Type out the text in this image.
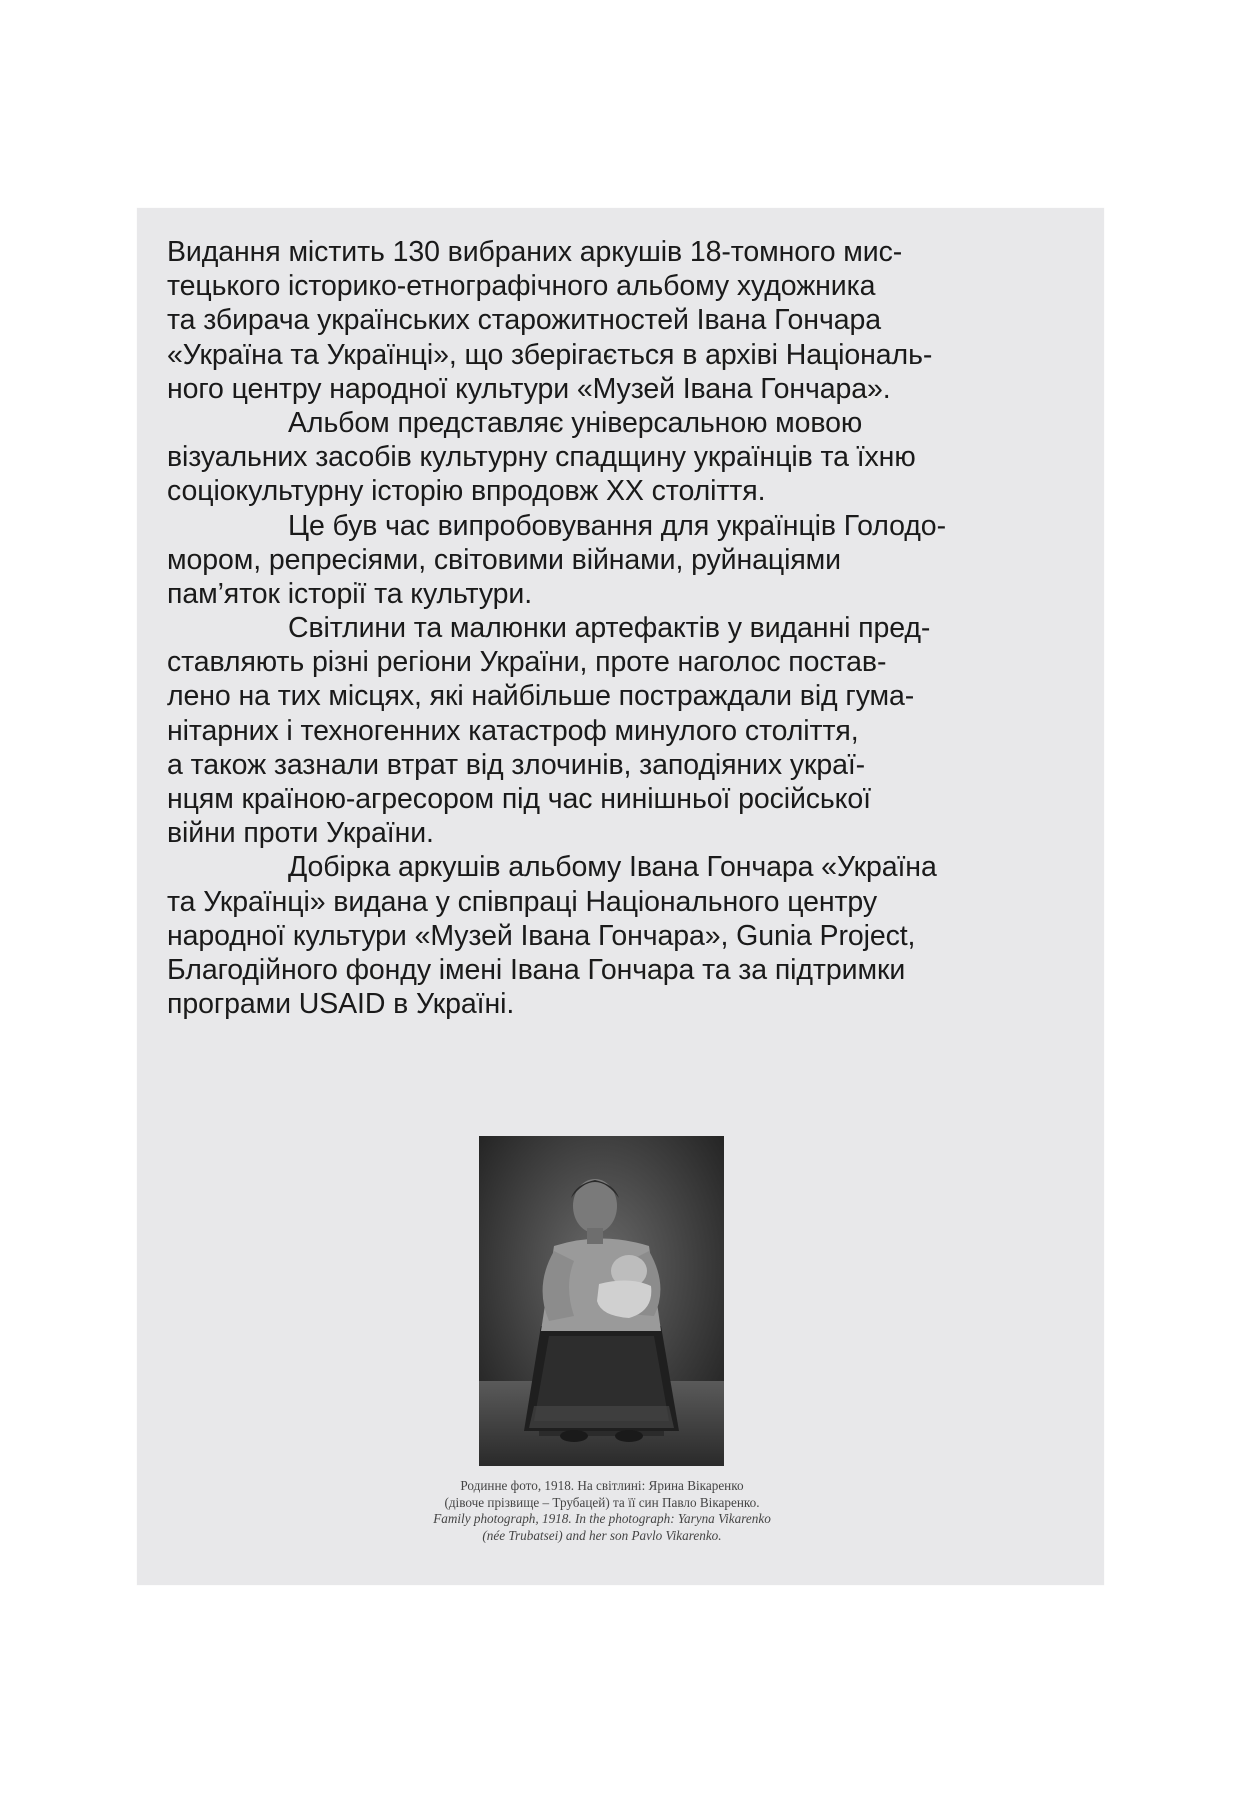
Видання містить 130 вибраних аркушів 18-томного мис-
тецького історико-етнографічного альбому художника
та збирача українських старожитностей Івана Гончара
«Україна та Українці», що зберігається в архіві Національ-
ного центру народної культури «Музей Івана Гончара».
Альбом представляє універсальною мовою
візуальних засобів культурну спадщину українців та їхню
соціокультурну історію впродовж ХХ століття.
Це був час випробовування для українців Голодо-
мором, репресіями, світовими війнами, руйнаціями
пам’яток історії та культури.
Світлини та малюнки артефактів у виданні пред-
ставляють різні регіони України, проте наголос постав-
лено на тих місцях, які найбільше постраждали від гума-
нітарних і техногенних катастроф минулого століття,
а також зазнали втрат від злочинів, заподіяних украї-
нцям країною-агресором під час нинішньої російської
війни проти України.
Добірка аркушів альбому Івана Гончара «Україна
та Українці» видана у співпраці Національного центру
народної культури «Музей Івана Гончара», Gunia Project,
Благодійного фонду імені Івана Гончара та за підтримки
програми USAID в Україні.
Родинне фото, 1918. На світлині: Ярина Вікаренко
(дівоче прізвище – Трубацей) та її син Павло Вікаренко.
Family photograph, 1918. In the photograph: Yaryna Vikarenko
(née Trubatsei) and her son Pavlo Vikarenko.
